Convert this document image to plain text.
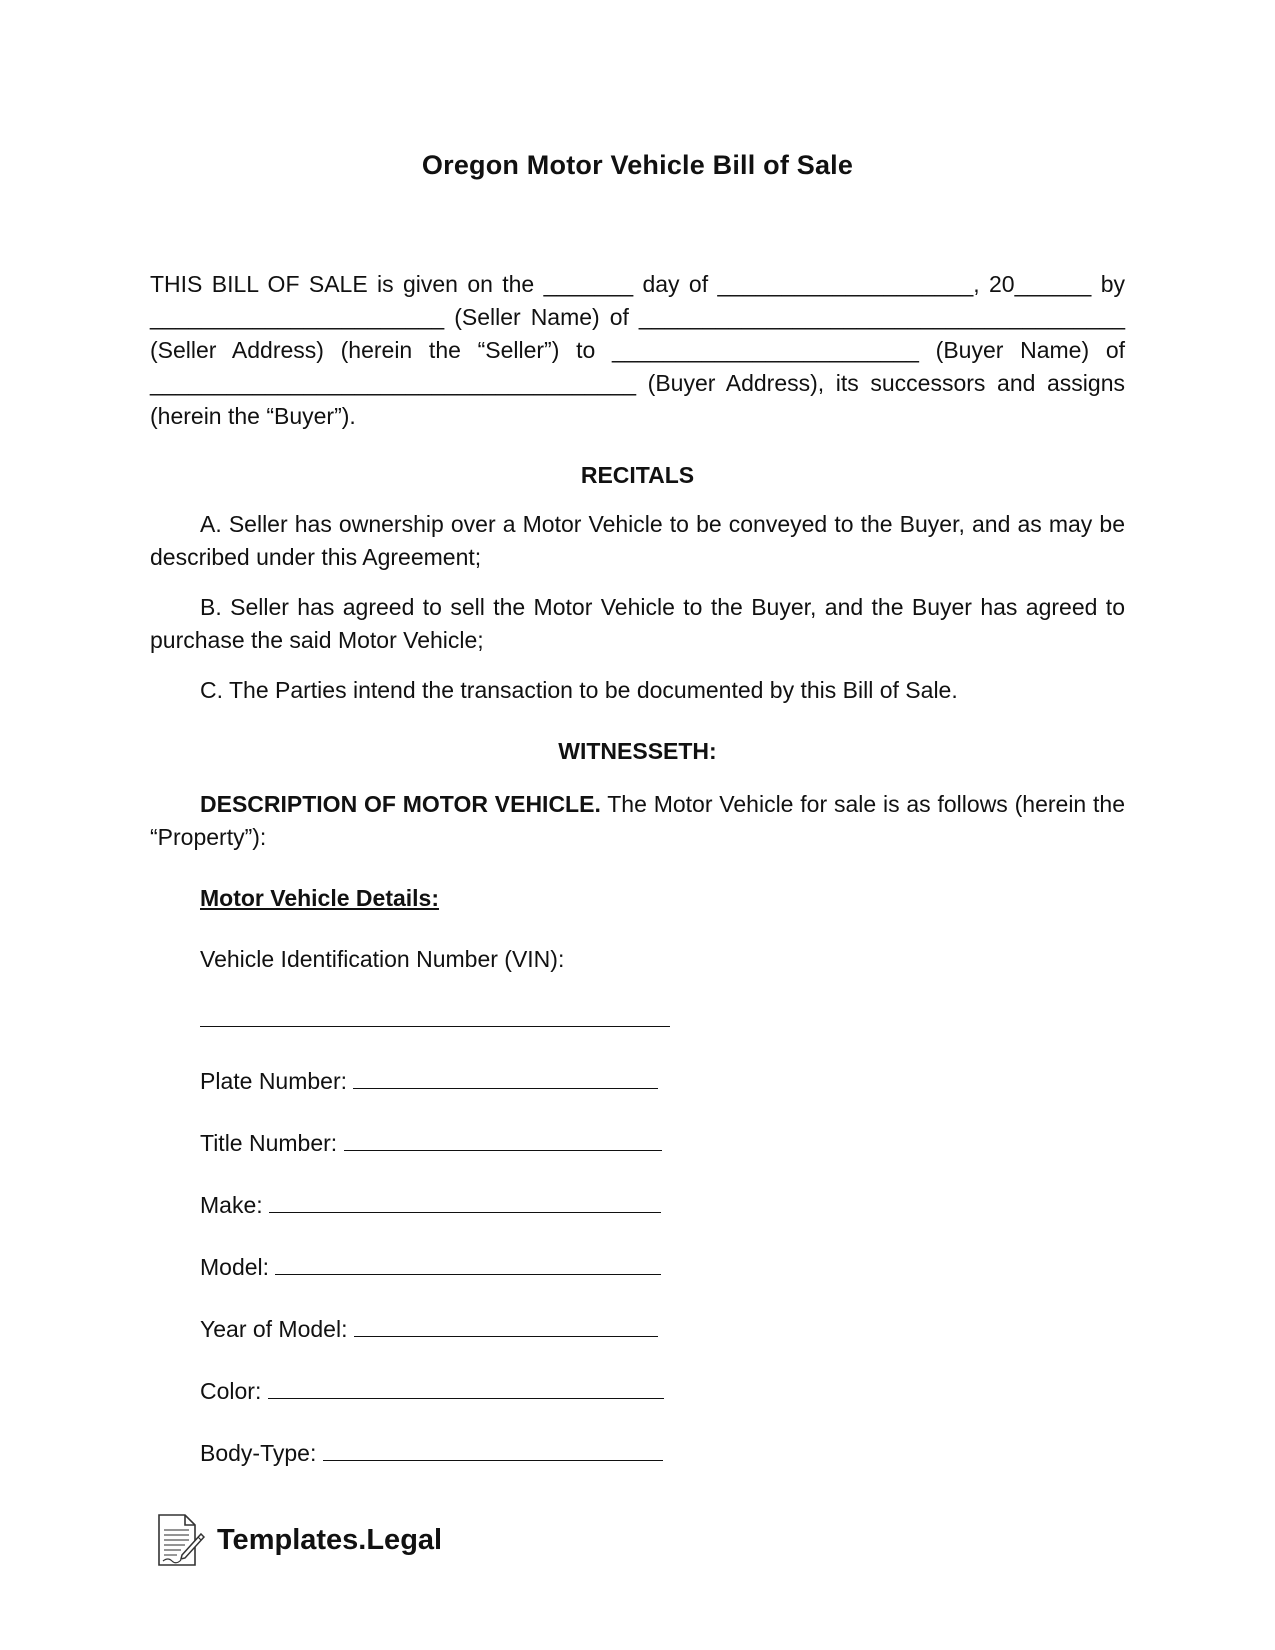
Oregon Motor Vehicle Bill of Sale

THIS BILL OF SALE is given on the _______ day of ____________________, 20______ by _______________________ (Seller Name) of ______________________________________ (Seller Address) (herein the “Seller”) to ________________________ (Buyer Name) of ______________________________________ (Buyer Address), its successors and assigns (herein the “Buyer”).

RECITALS

A. Seller has ownership over a Motor Vehicle to be conveyed to the Buyer, and as may be described under this Agreement;

B. Seller has agreed to sell the Motor Vehicle to the Buyer, and the Buyer has agreed to purchase the said Motor Vehicle;

C. The Parties intend the transaction to be documented by this Bill of Sale.

WITNESSETH:

DESCRIPTION OF MOTOR VEHICLE. The Motor Vehicle for sale is as follows (herein the “Property”):

Motor Vehicle Details:
Vehicle Identification Number (VIN):
Plate Number:
Title Number:
Make:
Model:
Year of Model:
Color:
Body-Type:
Templates.Legal
